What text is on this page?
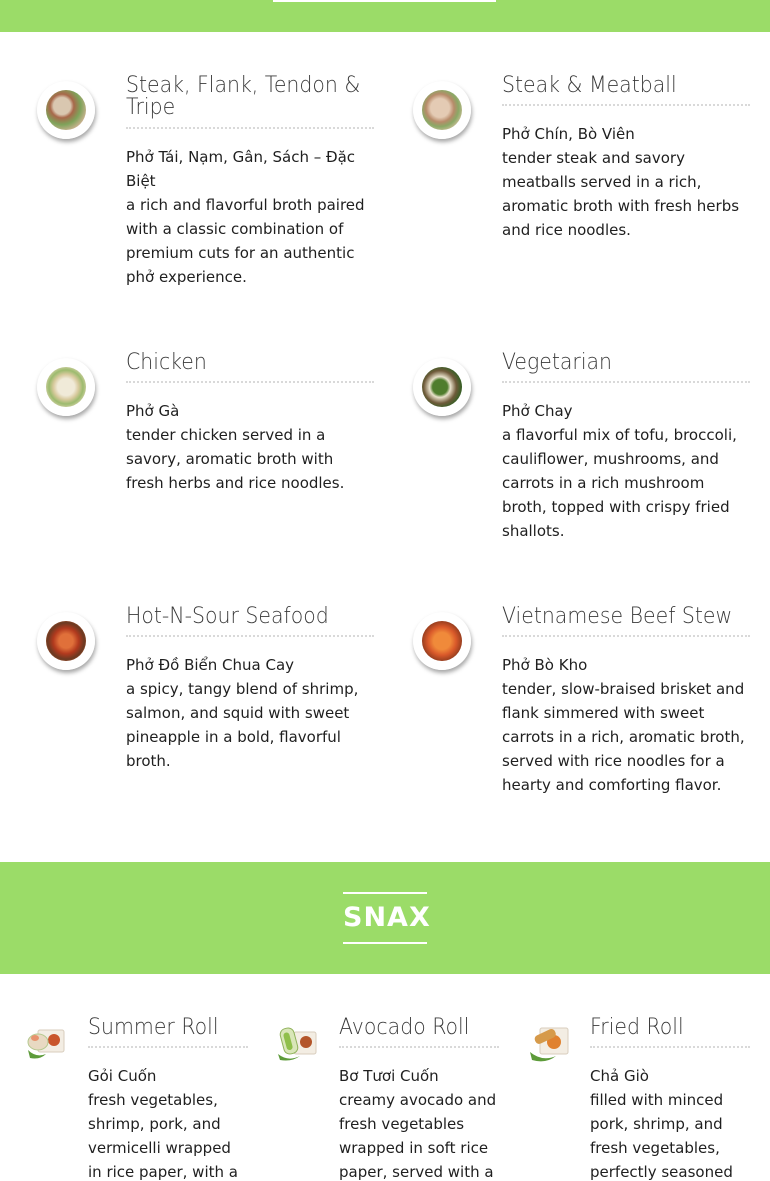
Steak, Flank, Tendon & Tripe
Phở Tái, Nạm, Gân, Sách – Đặc Biệt
a rich and flavorful broth paired with a classic combination of premium cuts for an authentic phở experience.
Steak & Meatball
Phở Chín, Bò Viên
tender steak and savory meatballs served in a rich, aromatic broth with fresh herbs and rice noodles.
Chicken
Phở Gà
tender chicken served in a savory, aromatic broth with fresh herbs and rice noodles.
Vegetarian
Phở Chay
a flavorful mix of tofu, broccoli, cauliflower, mushrooms, and carrots in a rich mushroom broth, topped with crispy fried shallots.
Hot-N-Sour Seafood
Phở Đồ Biển Chua Cay
a spicy, tangy blend of shrimp, salmon, and squid with sweet pineapple in a bold, flavorful broth.
Vietnamese Beef Stew
Phở Bò Kho
tender, slow-braised brisket and flank simmered with sweet carrots in a rich, aromatic broth, served with rice noodles for a hearty and comforting flavor.
SNAX
Summer Roll
Gỏi Cuốn
fresh vegetables, shrimp, pork, and vermicelli wrapped in rice paper, with a
Avocado Roll
Bơ Tươi Cuốn
creamy avocado and fresh vegetables wrapped in soft rice paper, served with a
Fried Roll
Chả Giò
filled with minced pork, shrimp, and fresh vegetables, perfectly seasoned
